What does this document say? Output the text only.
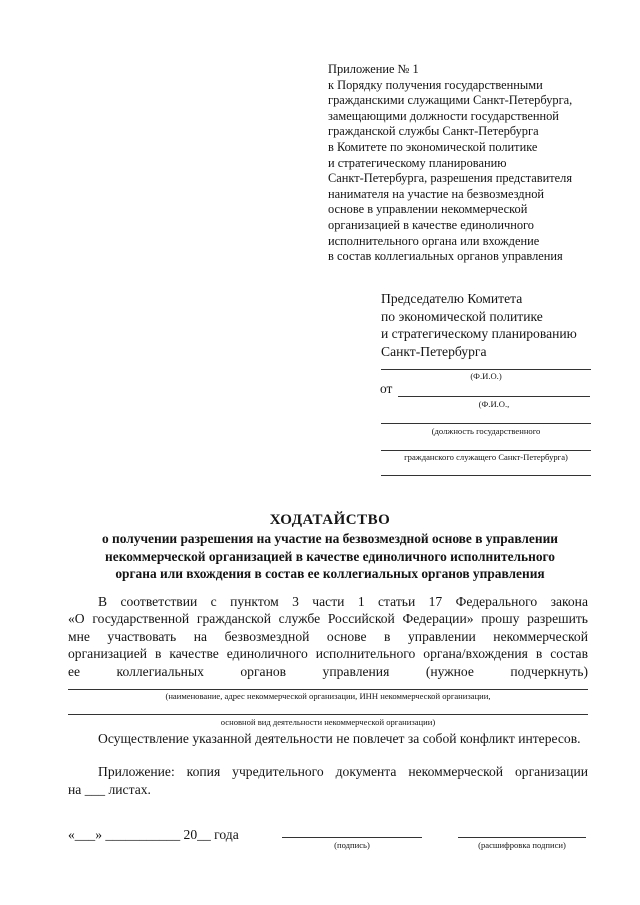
Приложение № 1
к Порядку получения государственными
гражданскими служащими Санкт-Петербурга,
замещающими должности государственной
гражданской службы Санкт-Петербурга
в Комитете по экономической политике
и стратегическому планированию
Санкт-Петербурга, разрешения представителя
нанимателя на участие на безвозмездной
основе в управлении некоммерческой
организацией в качестве единоличного
исполнительного органа или вхождение
в состав коллегиальных органов управления
Председателю Комитета
по экономической политике
и стратегическому планированию
Санкт-Петербурга
(Ф.И.О.)
от
(Ф.И.О.,
(должность государственного
гражданского служащего Санкт-Петербурга)
ХОДАТАЙСТВО
о получении разрешения на участие на безвозмездной основе в управлении
некоммерческой организацией в качестве единоличного исполнительного
органа или вхождения в состав ее коллегиальных органов управления
В соответствии с пунктом 3 части 1 статьи 17 Федерального закона
«О государственной гражданской службе Российской Федерации» прошу разрешить
мне участвовать на безвозмездной основе в управлении некоммерческой
организацией в качестве единоличного исполнительного органа/вхождения в состав
ее коллегиальных органов управления (нужное подчеркнуть)
(наименование, адрес некоммерческой организации, ИНН некоммерческой организации,
основной вид деятельности некоммерческой организации)
Осуществление указанной деятельности не повлечет за собой конфликт интересов.
Приложение: копия учредительного документа некоммерческой организации
на ___ листах.
«___» ___________ 20__ года
(подпись)	(расшифровка подписи)
